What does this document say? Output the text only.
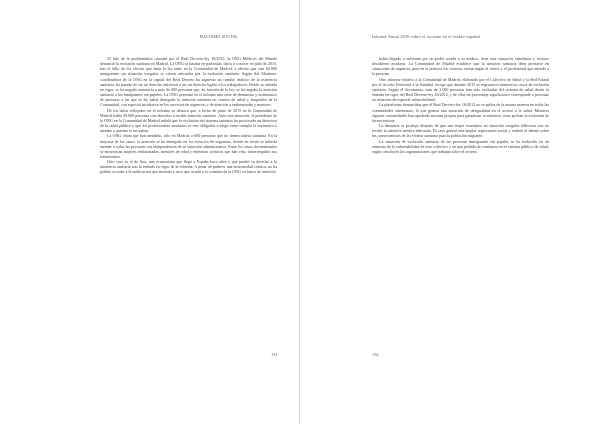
RACISMO SOCIAL

Al hilo de la problemática causada por el Real Decreto-ley 16/2012, la ONG Médicos del Mundo denunció la exclusión sanitaria en Madrid. La ONG se basaba en particular, datos a conocer en julio de 2015, tras el fallo de los efectos que tenía la ley tanto en la Comunidad de Madrid, y afirmó que casi 60.000 inmigrantes sin situación irregular se vieron afectados por la exclusión sanitaria. Según Sol Martínez, coordinadora de la ONG en la capital del Real Decreto ha supuesto un cambio drástico de la asistencia sanitaria, ha pasado de ser un derecho universal a ser un derecho ligado a los trabajadores. Desde su entrada en vigor, se ha negado asistencia a más de 400 personas que, en función de la ley, se les negaba la atención sanitaria a los inmigrantes sin papeles. La ONG presentó en el informe una serie de denuncias y testimonios de personas a las que se les había denegado la atención sanitaria en centros de salud y hospitales de la Comunidad, con especial incidencia en los servicios de urgencias y de atención a embarazadas y menores.

De los datos reflejados en el informe se destaca que, a fecha de junio de 2015 en la Comunidad de Madrid había 39.000 personas con derechos a recibir atención sanitaria. Ante esta situación, el presidente de la ONG en la Comunidad de Madrid señaló que la exclusión del sistema sanitario ha provocado un deterioro de la salud pública y que los profesionales sanitarios se ven obligados a elegir entre cumplir la normativa o atender a quienes lo necesitan.

La ONG relata que han atendido, sólo en Madrid, a 600 personas que no tienen tarjeta sanitaria. En la mayoría de los casos, la atención se ha denegado en los servicios de urgencias, donde en teoría se debería atender a todas las personas con independencia de su situación administrativa. Entre los casos documentados se encuentran mujeres embarazadas, menores de edad y enfermos crónicos que han visto interrumpidos sus tratamientos.

Otro caso es el de Ana, una ecuatoriana que llegó a España hace años y que perdió su derecho a la asistencia sanitaria tras la entrada en vigor de la reforma. A pesar de padecer una enfermedad crónica, no ha podido acceder a la medicación que necesita y tuvo que acudir a la consulta de la ONG en busca de atención.

151
Informe Anual 2016 sobre el racismo en el estado español

había llegado a enfermar por no poder acudir a su médico. Ante esta situación, familiares y vecinos decidieron ayudarla. La Comunidad de Madrid establece que la atención sanitaria debe prestarse en situaciones de urgencia, pero en la práctica los criterios varían según el centro y el profesional que atiende a la persona.

Otro informe relativo a la Comunidad de Madrid, elaborado por el Colectivo de Salud y la Red Estatal por el Acceso Universal a la Sanidad, recoge que durante 2015 se registraron numerosos casos de exclusión sanitaria. Según el documento, más de 2.000 personas han sido excluidas del sistema de salud desde la entrada en vigor del Real Decreto-ley 16/2012, y de ellas un porcentaje significativo corresponde a personas en situación de especial vulnerabilidad.

La plataforma denunciaba que el Real Decreto-ley 16/2012 no se aplica de la misma manera en todas las comunidades autónomas, lo que genera una situación de desigualdad en el acceso a la salud. Mientras algunas comunidades han aprobado normas propias para garantizar la atención, otras aplican la exclusión de forma estricta.

La denuncia se produjo después de que una mujer extranjera en situación irregular falleciera tras no recibir la atención médica adecuada. El caso generó una amplia repercusión social y reabrió el debate sobre las consecuencias de la reforma sanitaria para la población migrante.

La situación de exclusión sanitaria de las personas inmigrantes sin papeles se ha traducido en un aumento de la vulnerabilidad de este colectivo y en una pérdida de confianza en el sistema público de salud, según concluyen las organizaciones que trabajan sobre el terreno.

152
